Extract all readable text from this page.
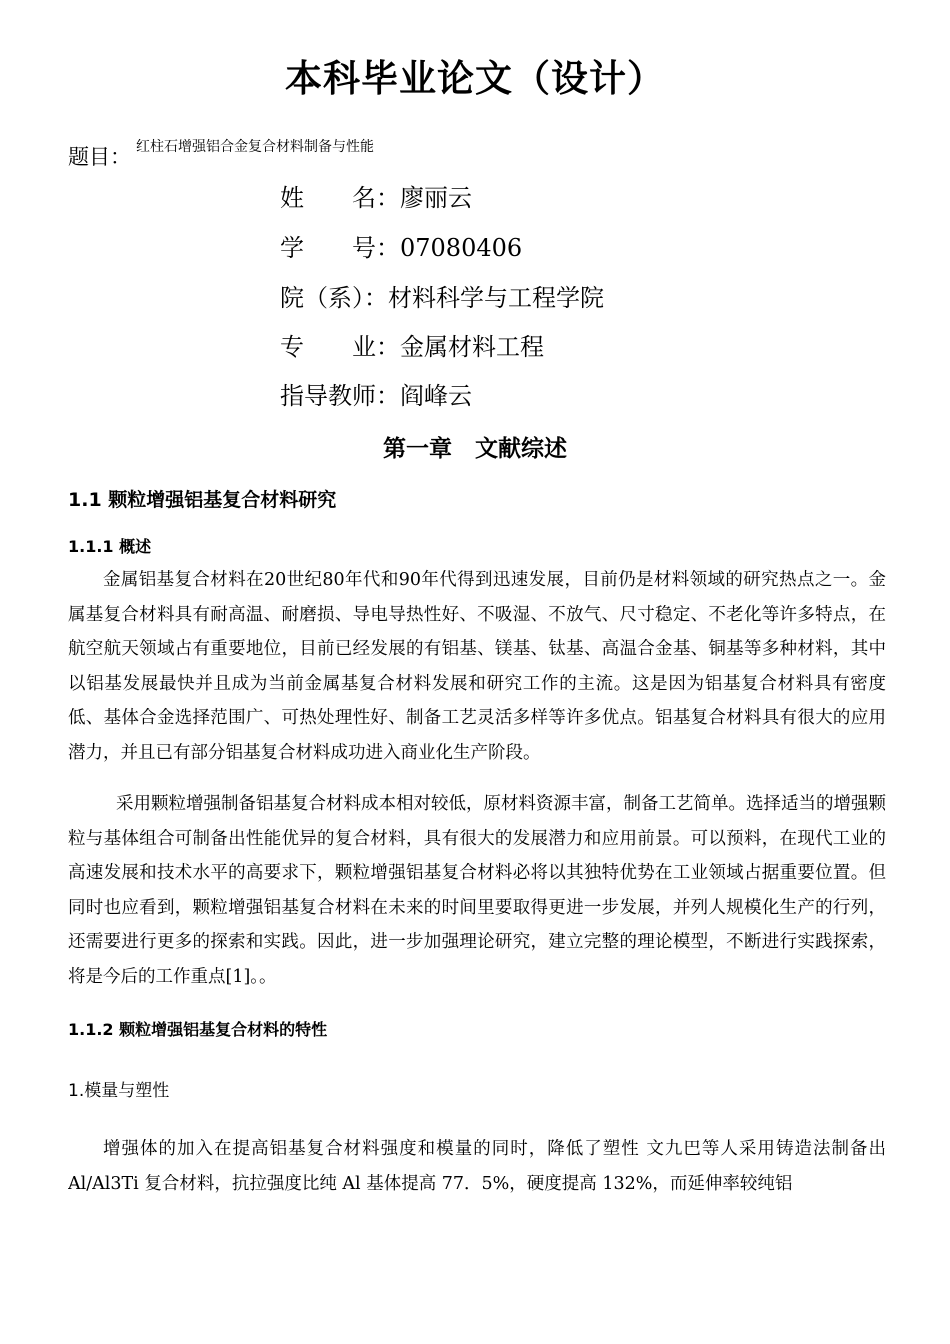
本科毕业论文（设计）
题目： 红柱石增强铝合金复合材料制备与性能
姓　　名：廖丽云
学　　号：07080406
院（系）：材料科学与工程学院
专　　业：金属材料工程
指导教师：阎峰云
第一章　文献综述
1.1 颗粒增强铝基复合材料研究
1.1.1 概述
金属铝基复合材料在20世纪80年代和90年代得到迅速发展，目前仍是材料领域的研究热点之一。金属基复合材料具有耐高温、耐磨损、导电导热性好、不吸湿、不放气、尺寸稳定、不老化等许多特点，在航空航天领域占有重要地位，目前已经发展的有铝基、镁基、钛基、高温合金基、铜基等多种材料，其中以铝基发展最快并且成为当前金属基复合材料发展和研究工作的主流。这是因为铝基复合材料具有密度低、基体合金选择范围广、可热处理性好、制备工艺灵活多样等许多优点。铝基复合材料具有很大的应用潜力，并且已有部分铝基复合材料成功进入商业化生产阶段。
采用颗粒增强制备铝基复合材料成本相对较低，原材料资源丰富，制备工艺简单。选择适当的增强颗粒与基体组合可制备出性能优异的复合材料，具有很大的发展潜力和应用前景。可以预料，在现代工业的高速发展和技术水平的高要求下，颗粒增强铝基复合材料必将以其独特优势在工业领域占据重要位置。但同时也应看到，颗粒增强铝基复合材料在未来的时间里要取得更进一步发展，并列人规模化生产的行列，还需要进行更多的探索和实践。因此，进一步加强理论研究，建立完整的理论模型，不断进行实践探索，将是今后的工作重点[1]。。
1.1.2 颗粒增强铝基复合材料的特性
1.模量与塑性
增强体的加入在提高铝基复合材料强度和模量的同时，降低了塑性 文九巴等人采用铸造法制备出 Al/Al3Ti 复合材料，抗拉强度比纯 Al 基体提高 77．5%，硬度提高 132%，而延伸率较纯铝
